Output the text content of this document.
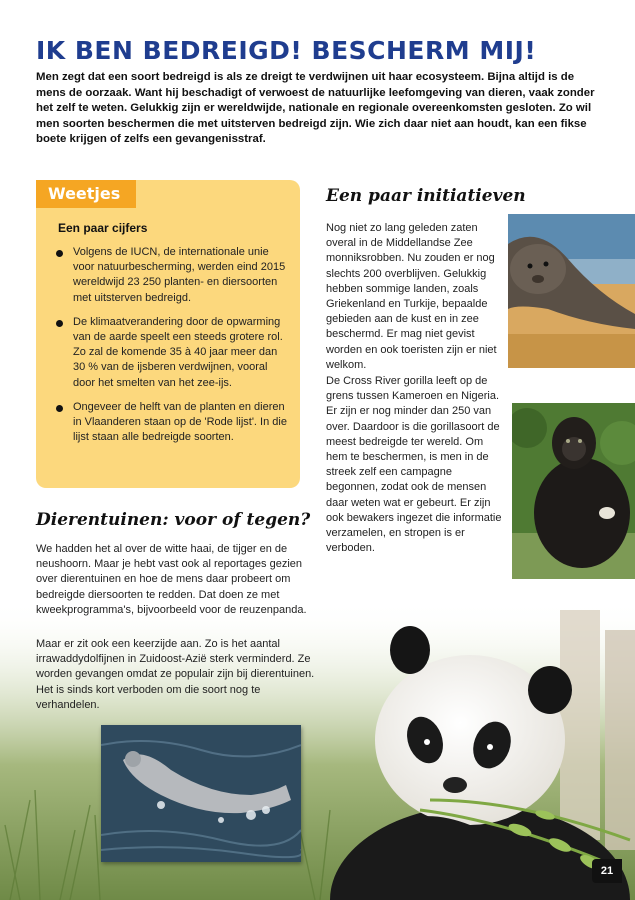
IK BEN BEDREIGD! BESCHERM MIJ!

Men zegt dat een soort bedreigd is als ze dreigt te verdwijnen uit haar ecosysteem. Bijna altijd is de mens de oorzaak. Want hij beschadigt of verwoest de natuurlijke leefomgeving van dieren, vaak zonder het zelf te weten. Gelukkig zijn er wereldwijde, nationale en regionale overeenkomsten gesloten. Zo wil men soorten beschermen die met uitsterven bedreigd zijn. Wie zich daar niet aan houdt, kan een fikse boete krijgen of zelfs een gevangenisstraf.

Weetjes
Een paar cijfers
Volgens de IUCN, de internationale unie voor natuurbescherming, werden eind 2015 wereldwijd 23 250 planten- en diersoorten met uitsterven bedreigd.
De klimaatverandering door de opwarming van de aarde speelt een steeds grotere rol. Zo zal de komende 35 à 40 jaar meer dan 30 % van de ijsberen verdwijnen, vooral door het smelten van het zee-ijs.
Ongeveer de helft van de planten en dieren in Vlaanderen staan op de 'Rode lijst'. In die lijst staan alle bedreigde soorten.
Een paar initiatieven

Nog niet zo lang geleden zaten overal in de Middellandse Zee monniksrobben. Nu zouden er nog slechts 200 overblijven. Gelukkig hebben sommige landen, zoals Griekenland en Turkije, bepaalde gebieden aan de kust en in zee beschermd. Er mag niet gevist worden en ook toeristen zijn er niet welkom.

De Cross River gorilla leeft op de grens tussen Kameroen en Nigeria. Er zijn er nog minder dan 250 van over. Daardoor is die gorillasoort de meest bedreigde ter wereld. Om hem te beschermen, is men in de streek zelf een campagne begonnen, zodat ook de mensen daar weten wat er gebeurt. Er zijn ook bewakers ingezet die informatie verzamelen, en stropen is er verboden.

Dierentuinen: voor of tegen?

We hadden het al over de witte haai, de tijger en de neushoorn. Maar je hebt vast ook al reportages gezien over dierentuinen en hoe de mens daar probeert om bedreigde diersoorten te redden. Dat doen ze met kweekprogramma's, bijvoorbeeld voor de reuzenpanda.

Maar er zit ook een keerzijde aan. Zo is het aantal irrawaddydolfijnen in Zuidoost-Azië sterk verminderd. Ze worden gevangen omdat ze populair zijn bij dierentuinen. Het is sinds kort verboden om die soort nog te verhandelen.

21
